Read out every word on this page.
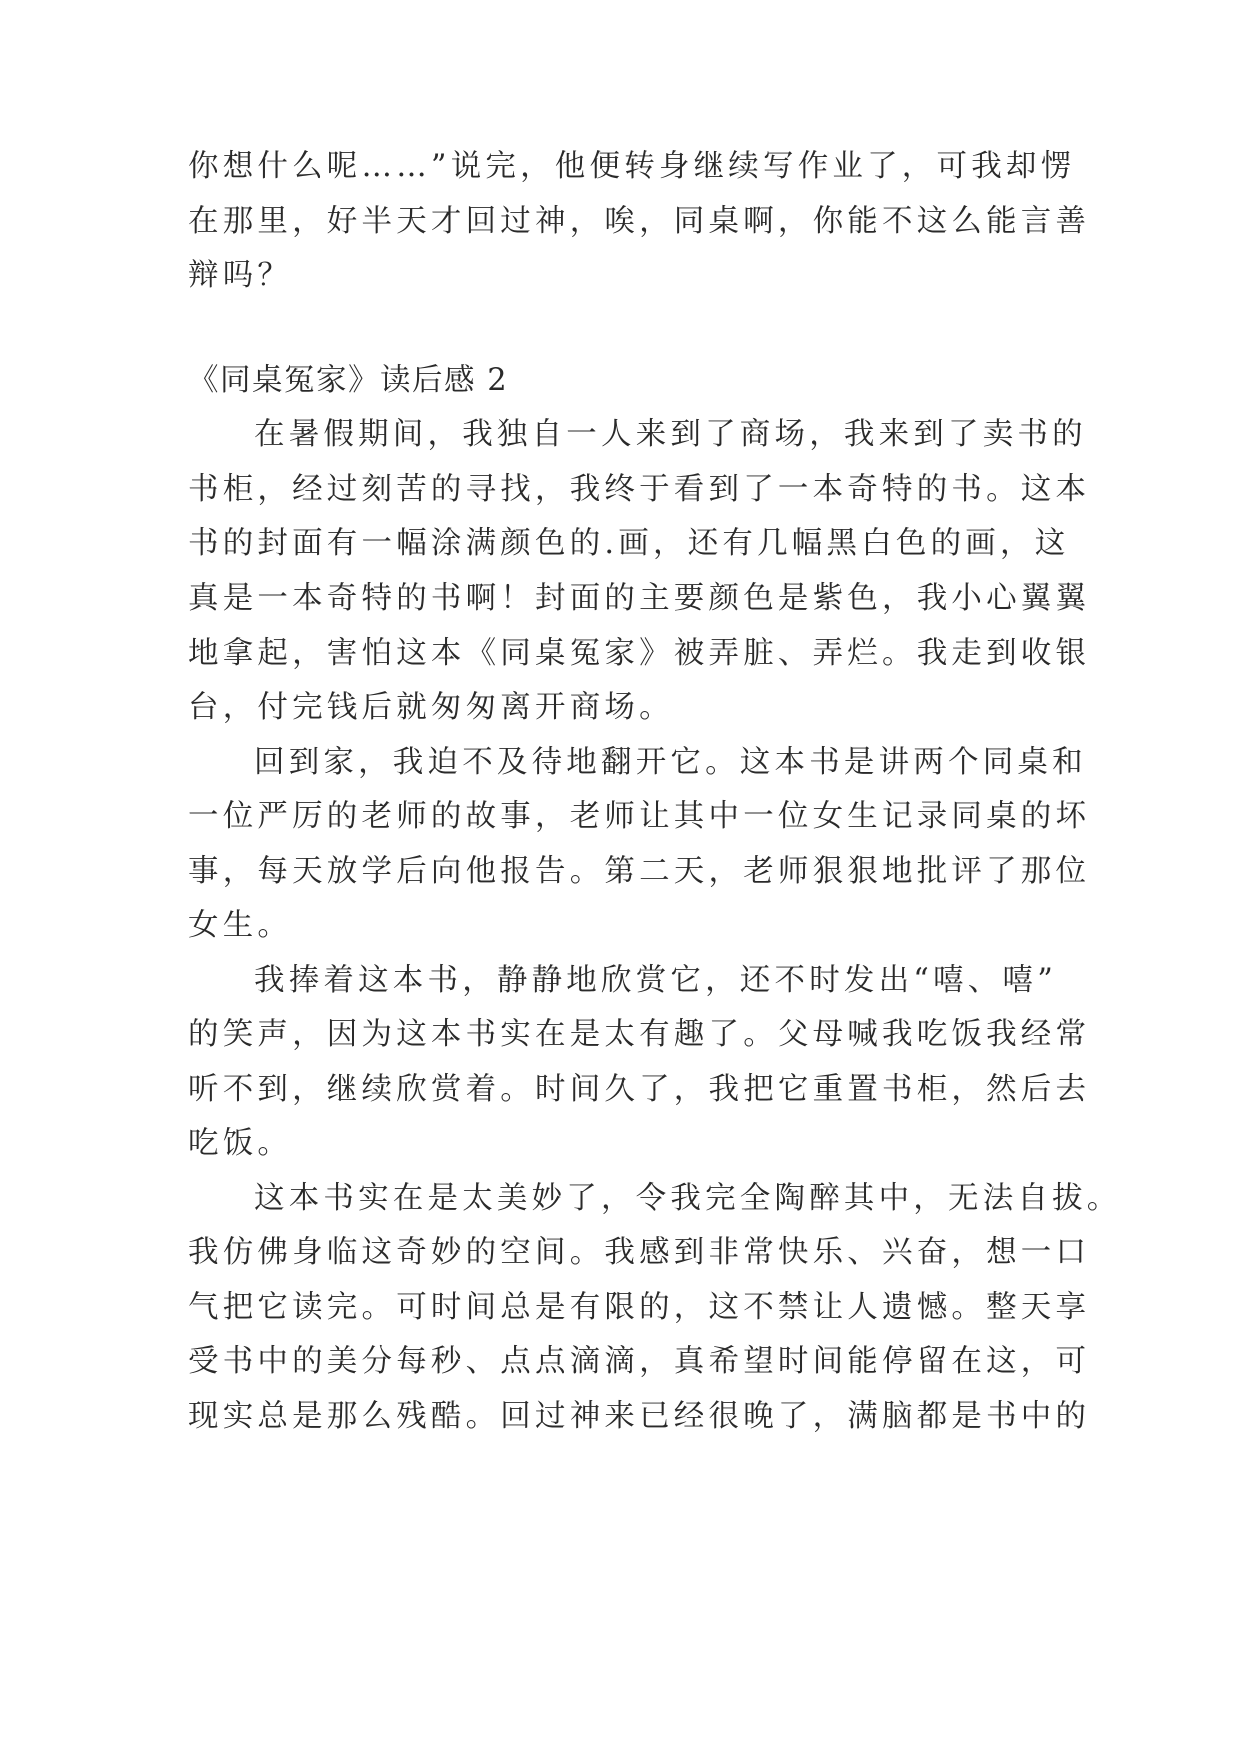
你想什么呢……”说完，他便转身继续写作业了，可我却愣
在那里，好半天才回过神，唉，同桌啊，你能不这么能言善
辩吗？
《同桌冤家》读后感 2
在暑假期间，我独自一人来到了商场，我来到了卖书的
书柜，经过刻苦的寻找，我终于看到了一本奇特的书。这本
书的封面有一幅涂满颜色的.画，还有几幅黑白色的画，这
真是一本奇特的书啊！封面的主要颜色是紫色，我小心翼翼
地拿起，害怕这本《同桌冤家》被弄脏、弄烂。我走到收银
台，付完钱后就匆匆离开商场。
回到家，我迫不及待地翻开它。这本书是讲两个同桌和
一位严厉的老师的故事，老师让其中一位女生记录同桌的坏
事，每天放学后向他报告。第二天，老师狠狠地批评了那位
女生。
我捧着这本书，静静地欣赏它，还不时发出“嘻、嘻”
的笑声，因为这本书实在是太有趣了。父母喊我吃饭我经常
听不到，继续欣赏着。时间久了，我把它重置书柜，然后去
吃饭。
这本书实在是太美妙了，令我完全陶醉其中，无法自拔。
我仿佛身临这奇妙的空间。我感到非常快乐、兴奋，想一口
气把它读完。可时间总是有限的，这不禁让人遗憾。整天享
受书中的美分每秒、点点滴滴，真希望时间能停留在这，可
现实总是那么残酷。回过神来已经很晚了，满脑都是书中的
